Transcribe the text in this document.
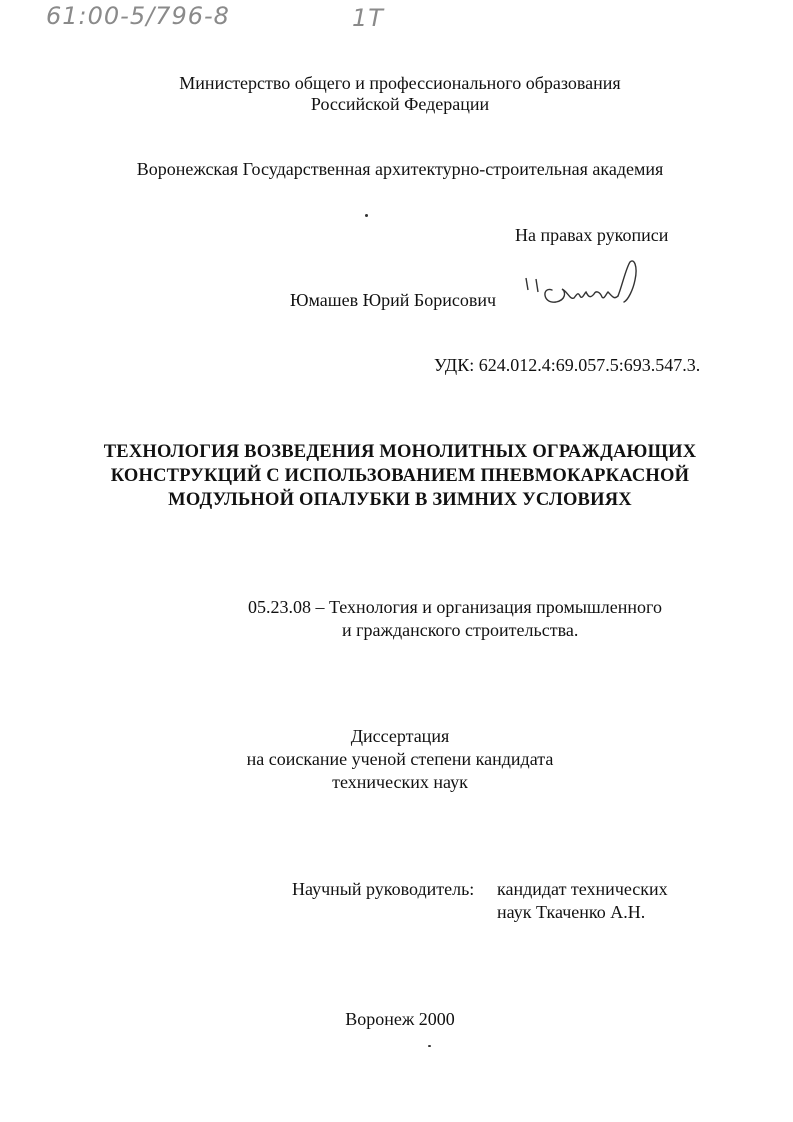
61:00-5/796-8	1Т
Министерство общего и профессионального образования
Российской Федерации
Воронежская Государственная архитектурно-строительная академия
На правах рукописи
Юмашев Юрий Борисович
УДК: 624.012.4:69.057.5:693.547.3.
ТЕХНОЛОГИЯ ВОЗВЕДЕНИЯ МОНОЛИТНЫХ ОГРАЖДАЮЩИХ
КОНСТРУКЦИЙ С ИСПОЛЬЗОВАНИЕМ ПНЕВМОКАРКАСНОЙ
МОДУЛЬНОЙ ОПАЛУБКИ В ЗИМНИХ УСЛОВИЯХ
05.23.08 – Технология и организация промышленного
и гражданского строительства.
Диссертация
на соискание ученой степени кандидата
технических наук
Научный руководитель: кандидат технических
наук Ткаченко А.Н.
Воронеж 2000
